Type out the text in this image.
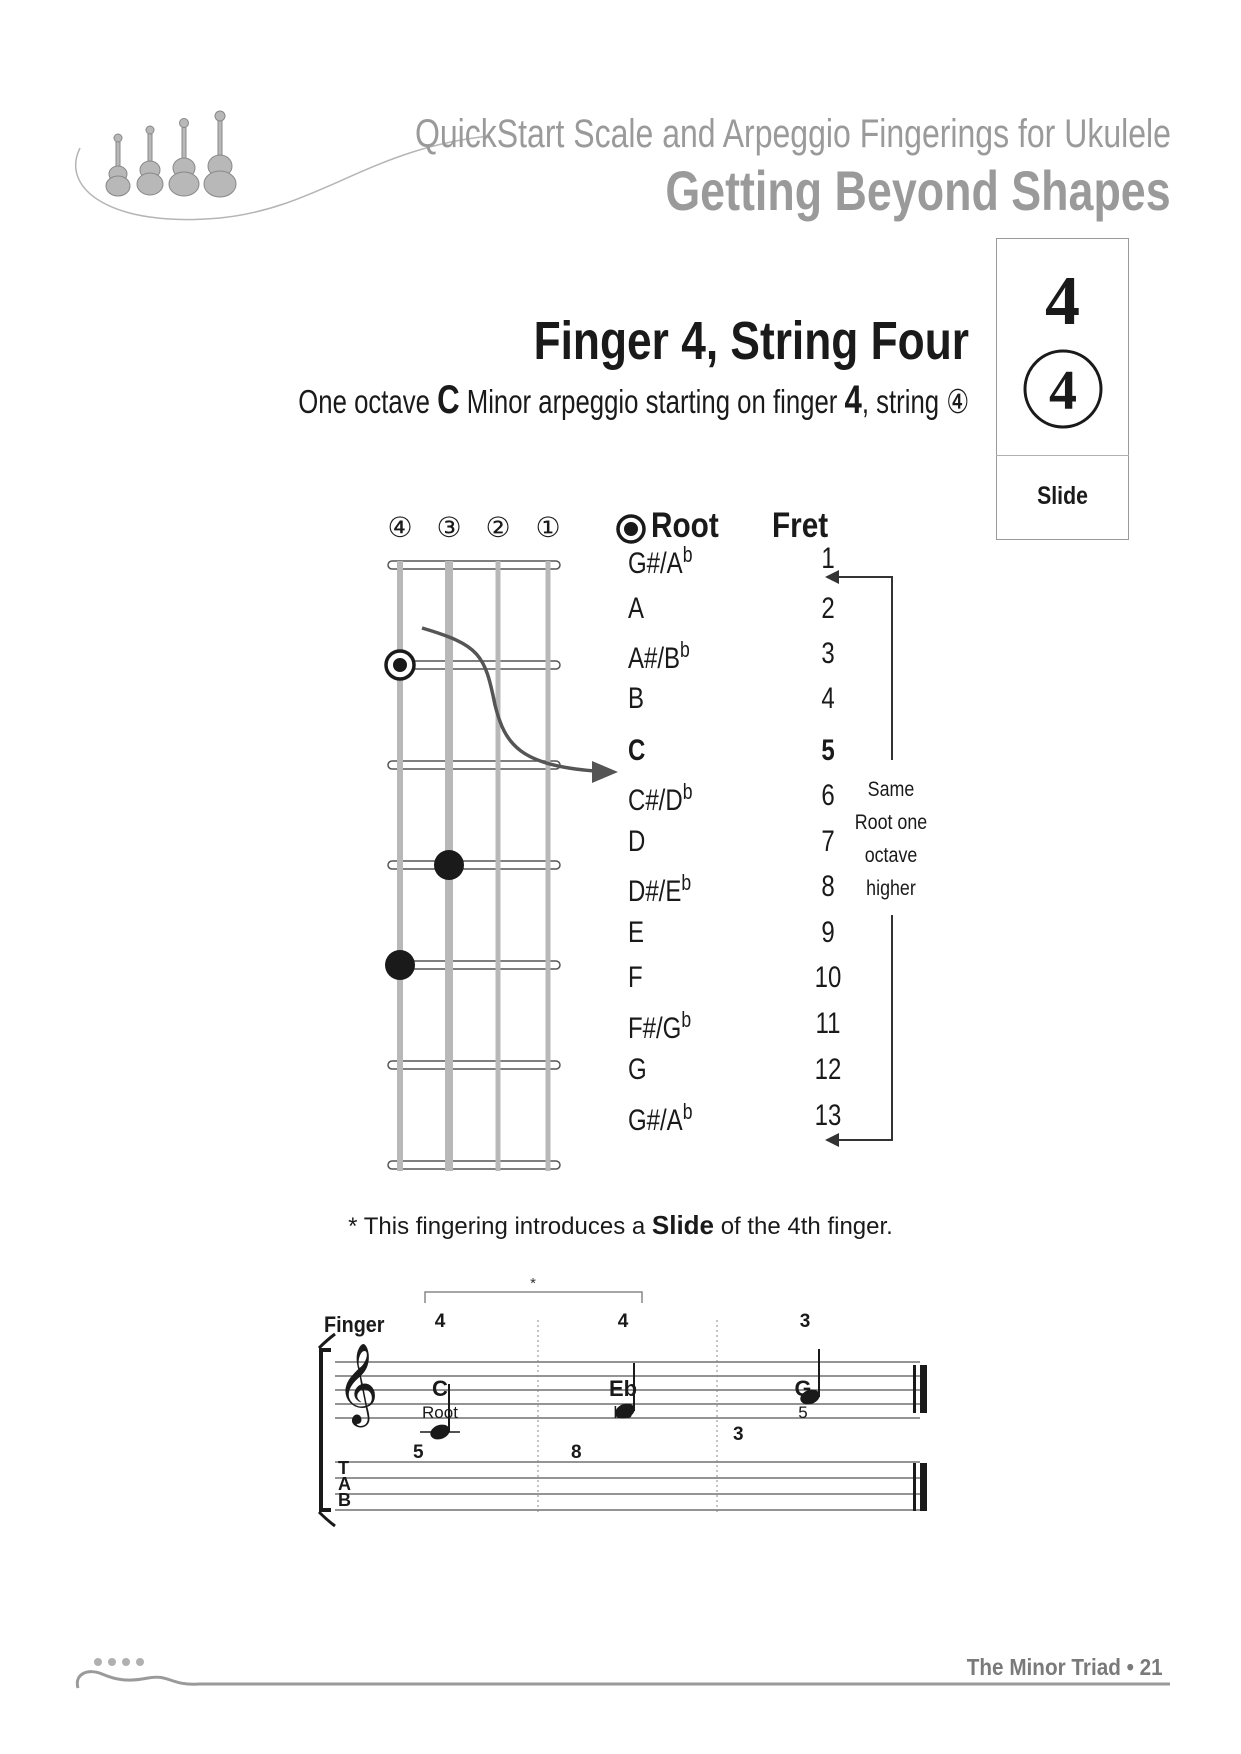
QuickStart Scale and Arpeggio Fingerings for Ukulele
Getting Beyond Shapes
4
4
Slide
Finger 4, String Four
One octave C Minor arpeggio starting on finger 4, string ④
④ ③ ② ①	Root Fret
$G\#/A^b$	1
A	2
$A\#/B^b$	3
B	4
C	5
$C\#/D^b$	6
D	7
$D\#/E^b$	8
E	9
F	10
$F\#/G^b$	11
G	12
$G\#/A^b$	13
Same
Root one
octave
higher
* This fingering introduces a Slide of the 4th finger.
Finger
*
𝄞
T
A
B
4	4	3
5	8
3
C
Root
Eb
b3
G
5
The Minor Triad • 21
